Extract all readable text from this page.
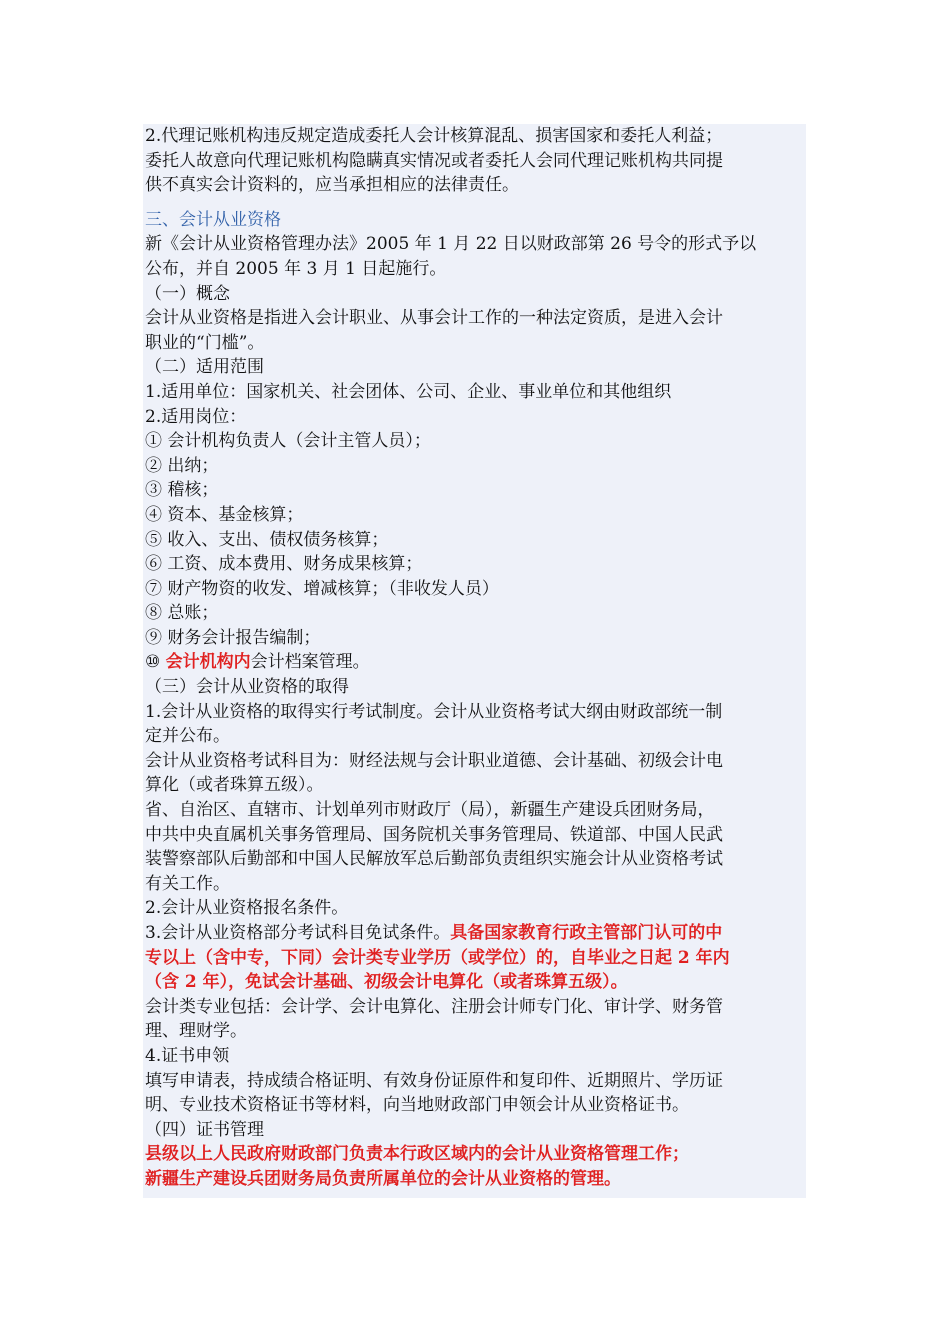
2.代理记账机构违反规定造成委托人会计核算混乱、损害国家和委托人利益；
委托人故意向代理记账机构隐瞒真实情况或者委托人会同代理记账机构共同提
供不真实会计资料的，应当承担相应的法律责任。
三、会计从业资格
新《会计从业资格管理办法》2005 年 1 月 22 日以财政部第 26 号令的形式予以
公布，并自 2005 年 3 月 1 日起施行。
（一）概念
会计从业资格是指进入会计职业、从事会计工作的一种法定资质，是进入会计
职业的“门槛”。
（二）适用范围
1.适用单位：国家机关、社会团体、公司、企业、事业单位和其他组织
2.适用岗位：
① 会计机构负责人（会计主管人员）；
② 出纳；
③ 稽核；
④ 资本、基金核算；
⑤ 收入、支出、债权债务核算；
⑥ 工资、成本费用、财务成果核算；
⑦ 财产物资的收发、增减核算；（非收发人员）
⑧ 总账；
⑨ 财务会计报告编制；
⑩ 会计机构内会计档案管理。
（三）会计从业资格的取得
1.会计从业资格的取得实行考试制度。会计从业资格考试大纲由财政部统一制
定并公布。
会计从业资格考试科目为：财经法规与会计职业道德、会计基础、初级会计电
算化（或者珠算五级）。
省、自治区、直辖市、计划单列市财政厅（局），新疆生产建设兵团财务局，
中共中央直属机关事务管理局、国务院机关事务管理局、铁道部、中国人民武
装警察部队后勤部和中国人民解放军总后勤部负责组织实施会计从业资格考试
有关工作。
2.会计从业资格报名条件。
3.会计从业资格部分考试科目免试条件。具备国家教育行政主管部门认可的中
专以上（含中专，下同）会计类专业学历（或学位）的，自毕业之日起 2 年内
（含 2 年），免试会计基础、初级会计电算化（或者珠算五级）。
会计类专业包括：会计学、会计电算化、注册会计师专门化、审计学、财务管
理、理财学。
4.证书申领
填写申请表，持成绩合格证明、有效身份证原件和复印件、近期照片、学历证
明、专业技术资格证书等材料，向当地财政部门申领会计从业资格证书。
（四）证书管理
县级以上人民政府财政部门负责本行政区域内的会计从业资格管理工作；
新疆生产建设兵团财务局负责所属单位的会计从业资格的管理。
